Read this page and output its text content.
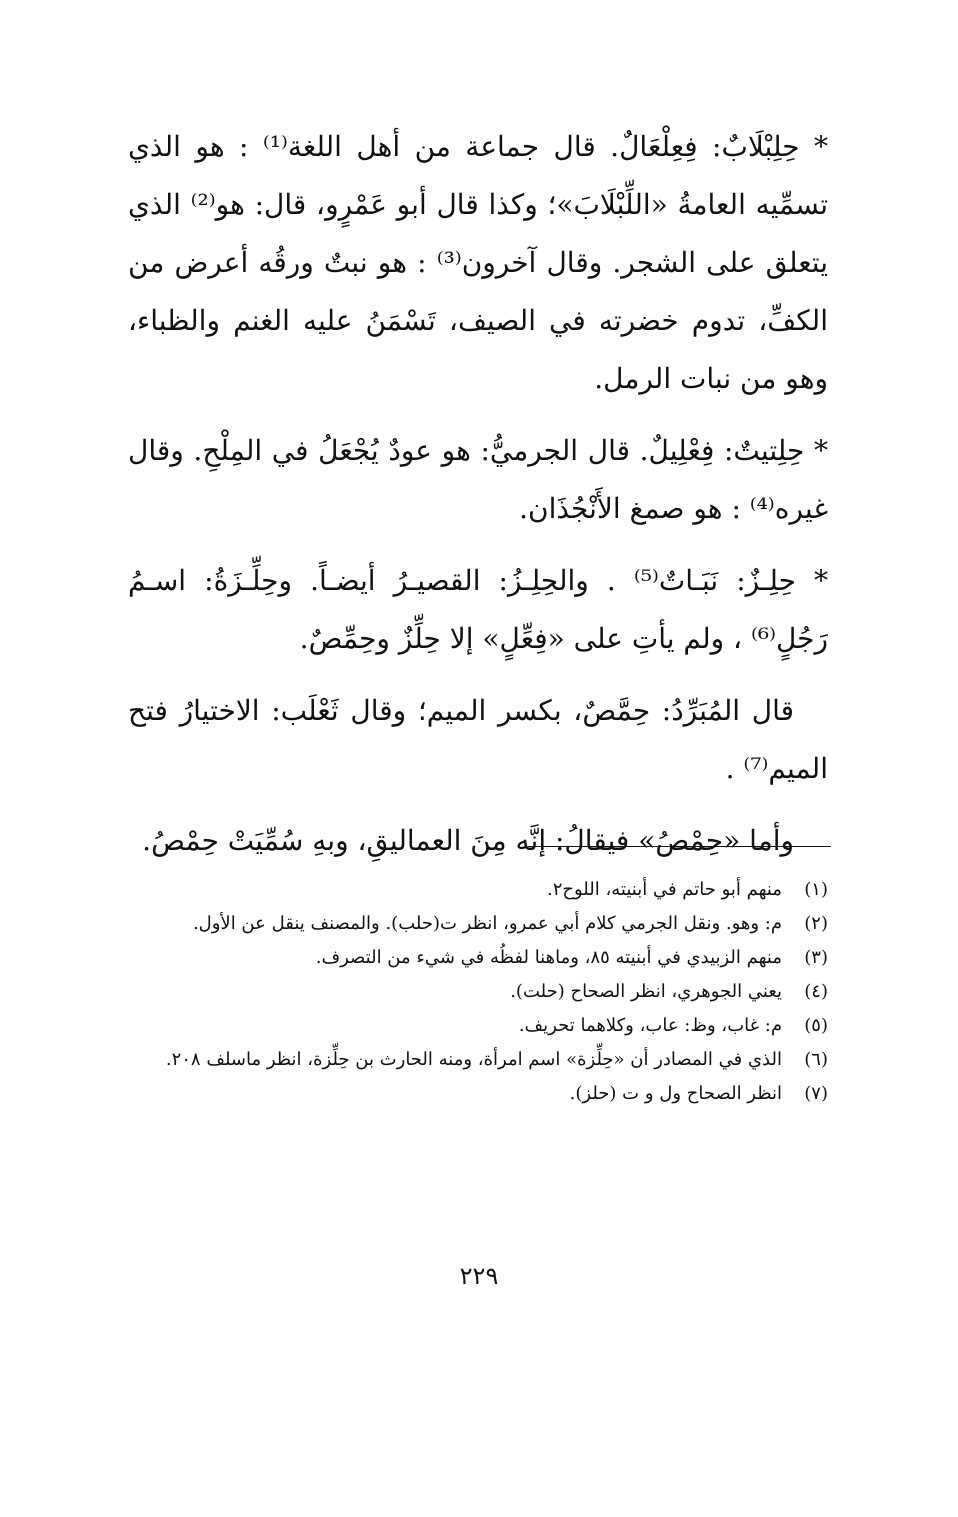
* حِلِبْلَابٌ: فِعِلْعَالٌ. قال جماعة من أهل اللغة⁽¹⁾ : هو الذي تسمِّيه العامةُ «اللِّبْلَابَ»؛ وكذا قال أبو عَمْرٍو، قال: هو⁽²⁾ الذي يتعلق على الشجر. وقال آخرون⁽³⁾ : هو نبتٌ ورقُه أعرض من الكفِّ، تدوم خضرته في الصيف، تَسْمَنُ عليه الغنم والظباء، وهو من نبات الرمل.

* حِلِتيتٌ: فِعْلِيلٌ. قال الجرميُّ: هو عودٌ يُجْعَلُ في المِلْحِ. وقال غيره⁽⁴⁾ : هو صمغ الأَنْجُذَان.

* حِلِـزٌ: نَبَـاتٌ⁽⁵⁾ . والحِلِـزُ: القصيـرُ أيضـاً. وحِلِّـزَةُ: اسـمُ رَجُلٍ⁽⁶⁾ ، ولم يأتِ على «فِعِّلٍ» إلا حِلِّزٌ وحِمِّصٌ.

قال المُبَرِّدُ: حِمَّصٌ، بكسر الميم؛ وقال ثَعْلَب: الاختيارُ فتح الميم⁽⁷⁾ .

وأما «حِمْصُ» فيقالُ: إنَّه مِنَ العماليقِ، وبهِ سُمِّيَتْ حِمْصُ.

(١)
منهم أبو حاتم في أبنيته، اللوح٢.
(٢)
م: وهو. ونقل الجرمي كلام أبي عمرو، انظر ت(حلب). والمصنف ينقل عن الأول.
(٣)
منهم الزبيدي في أبنيته ٨٥، وماهنا لفظُه في شيء من التصرف.
(٤)
يعني الجوهري، انظر الصحاح (حلت).
(٥)
م: غاب، وظ: عاب، وكلاهما تحريف.
(٦)
الذي في المصادر أن «حِلِّزة» اسم امرأة، ومنه الحارث بن حِلِّزة، انظر ماسلف ٢٠٨.
(٧)
انظر الصحاح ول و ت (حلز).
٢٢٩
